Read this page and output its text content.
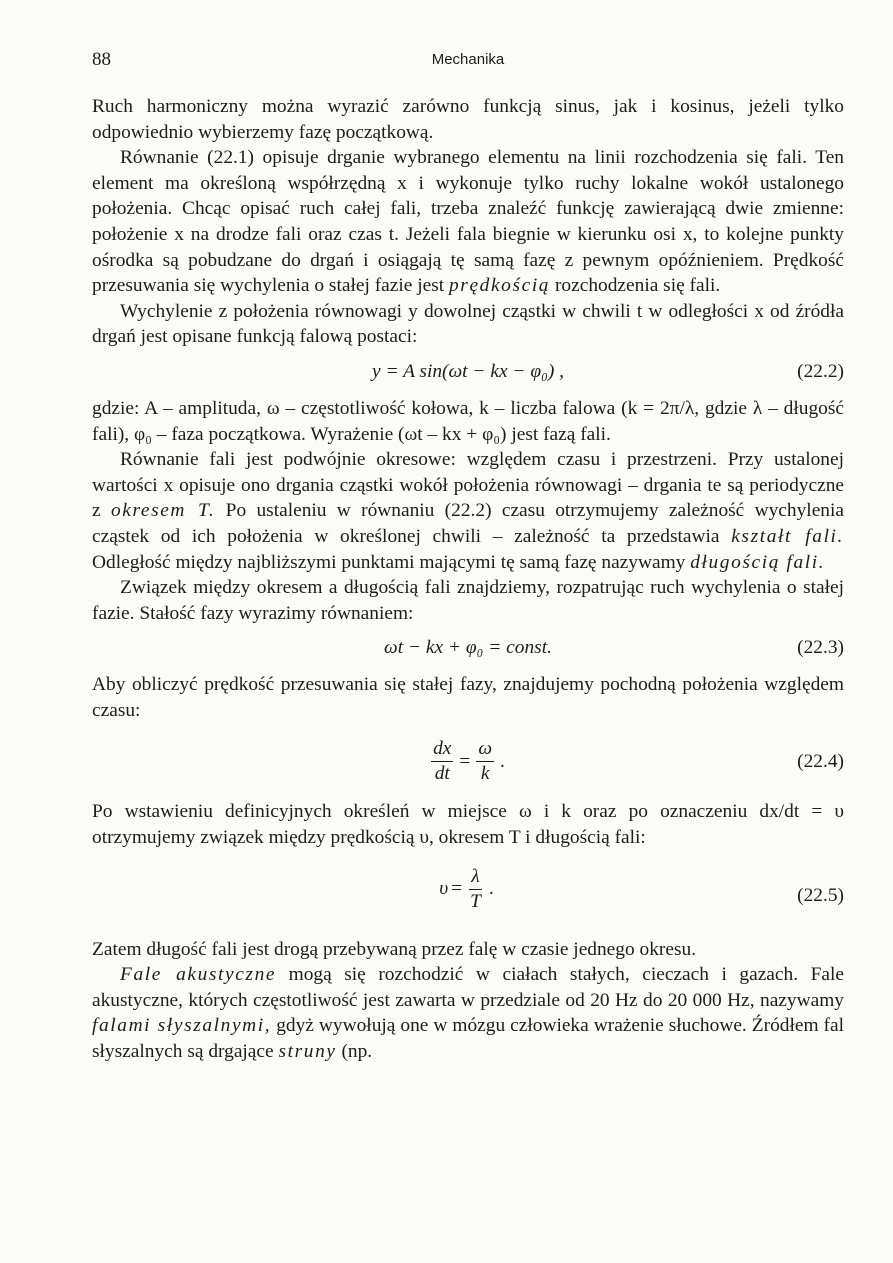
88	Mechanika

Ruch harmoniczny można wyrazić zarówno funkcją sinus, jak i kosinus, jeżeli tylko odpowiednio wybierzemy fazę początkową.

Równanie (22.1) opisuje drganie wybranego elementu na linii rozchodzenia się fali. Ten element ma określoną współrzędną x i wykonuje tylko ruchy lokalne wokół ustalonego położenia. Chcąc opisać ruch całej fali, trzeba znaleźć funkcję zawierającą dwie zmienne: położenie x na drodze fali oraz czas t. Jeżeli fala biegnie w kierunku osi x, to kolejne punkty ośrodka są pobudzane do drgań i osiągają tę samą fazę z pewnym opóźnieniem. Prędkość przesuwania się wychylenia o stałej fazie jest prędkością rozchodzenia się fali.

Wychylenie z położenia równowagi y dowolnej cząstki w chwili t w odległości x od źródła drgań jest opisane funkcją falową postaci:

y = A sin(ωt − kx − φ₀) ,	(22.2)

gdzie: A – amplituda, ω – częstotliwość kołowa, k – liczba falowa (k = 2π/λ, gdzie λ – długość fali), φ₀ – faza początkowa. Wyrażenie (ωt – kx + φ₀) jest fazą fali.

Równanie fali jest podwójnie okresowe: względem czasu i przestrzeni. Przy ustalonej wartości x opisuje ono drgania cząstki wokół położenia równowagi – drgania te są periodyczne z okresem T. Po ustaleniu w równaniu (22.2) czasu otrzymujemy zależność wychylenia cząstek od ich położenia w określonej chwili – zależność ta przedstawia kształt fali. Odległość między najbliższymi punktami mającymi tę samą fazę nazywamy długością fali.

Związek między okresem a długością fali znajdziemy, rozpatrując ruch wychylenia o stałej fazie. Stałość fazy wyrazimy równaniem:

ωt − kx + φ₀ = const.	(22.3)

Aby obliczyć prędkość przesuwania się stałej fazy, znajdujemy pochodną położenia względem czasu:

$\frac{dx}{dt} = \frac{\omega}{k}$ .	(22.4)

Po wstawieniu definicyjnych określeń w miejsce ω i k oraz po oznaczeniu dx/dt = υ otrzymujemy związek między prędkością υ, okresem T i długością fali:

$\upsilon = \frac{\lambda}{T}$ .	(22.5)

Zatem długość fali jest drogą przebywaną przez falę w czasie jednego okresu.

Fale akustyczne mogą się rozchodzić w ciałach stałych, cieczach i gazach. Fale akustyczne, których częstotliwość jest zawarta w przedziale od 20 Hz do 20 000 Hz, nazywamy falami słyszalnymi, gdyż wywołują one w mózgu człowieka wrażenie słuchowe. Źródłem fal słyszalnych są drgające struny (np.
